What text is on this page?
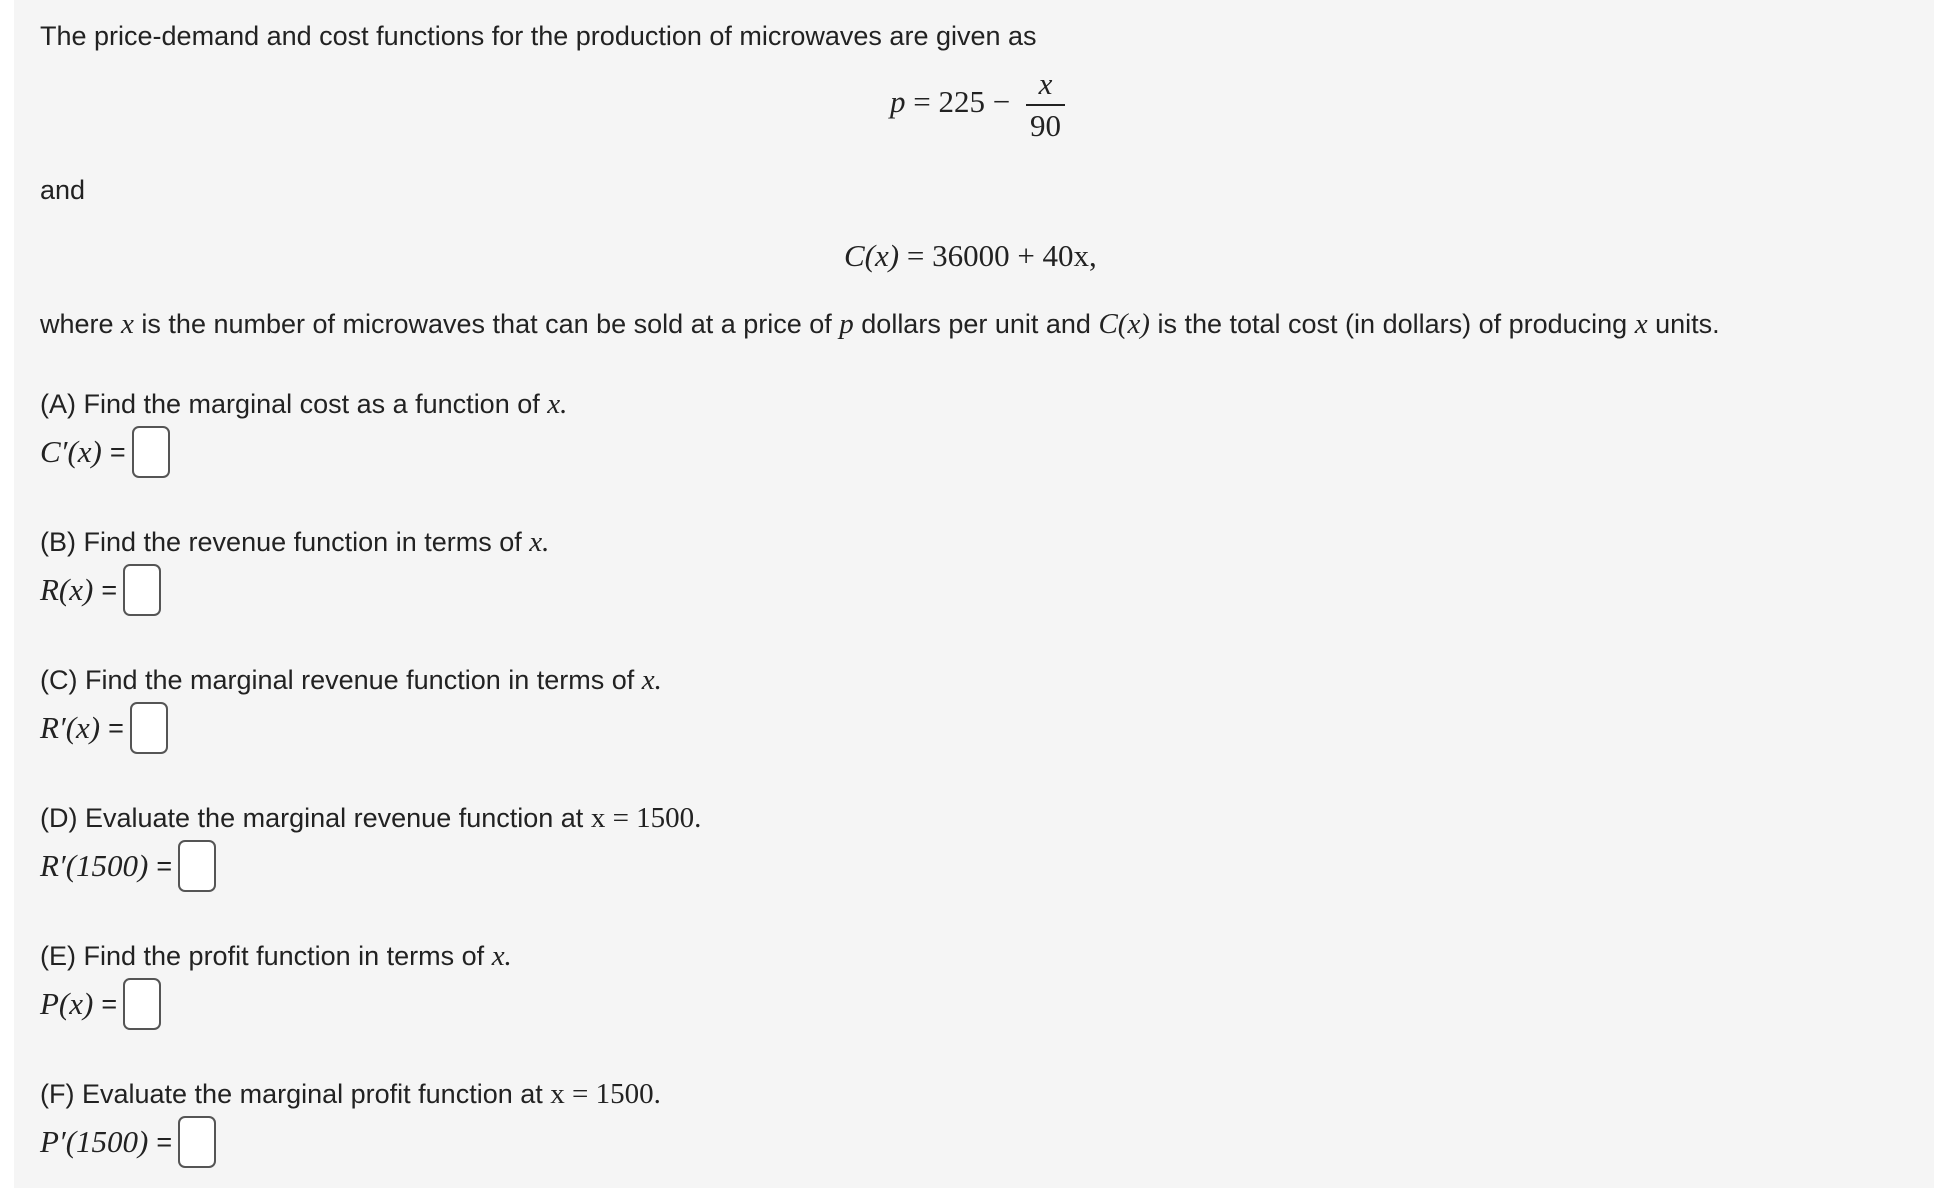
The price-demand and cost functions for the production of microwaves are given as
$p = 225 - \frac{x}{90}$
and
C(x) = 36000 + 40x,
where x is the number of microwaves that can be sold at a price of p dollars per unit and C(x) is the total cost (in dollars) of producing x units.
(A) Find the marginal cost as a function of x.
C′(x) =
(B) Find the revenue function in terms of x.
R(x) =
(C) Find the marginal revenue function in terms of x.
R′(x) =
(D) Evaluate the marginal revenue function at x = 1500.
R′(1500) =
(E) Find the profit function in terms of x.
P(x) =
(F) Evaluate the marginal profit function at x = 1500.
P′(1500) =
